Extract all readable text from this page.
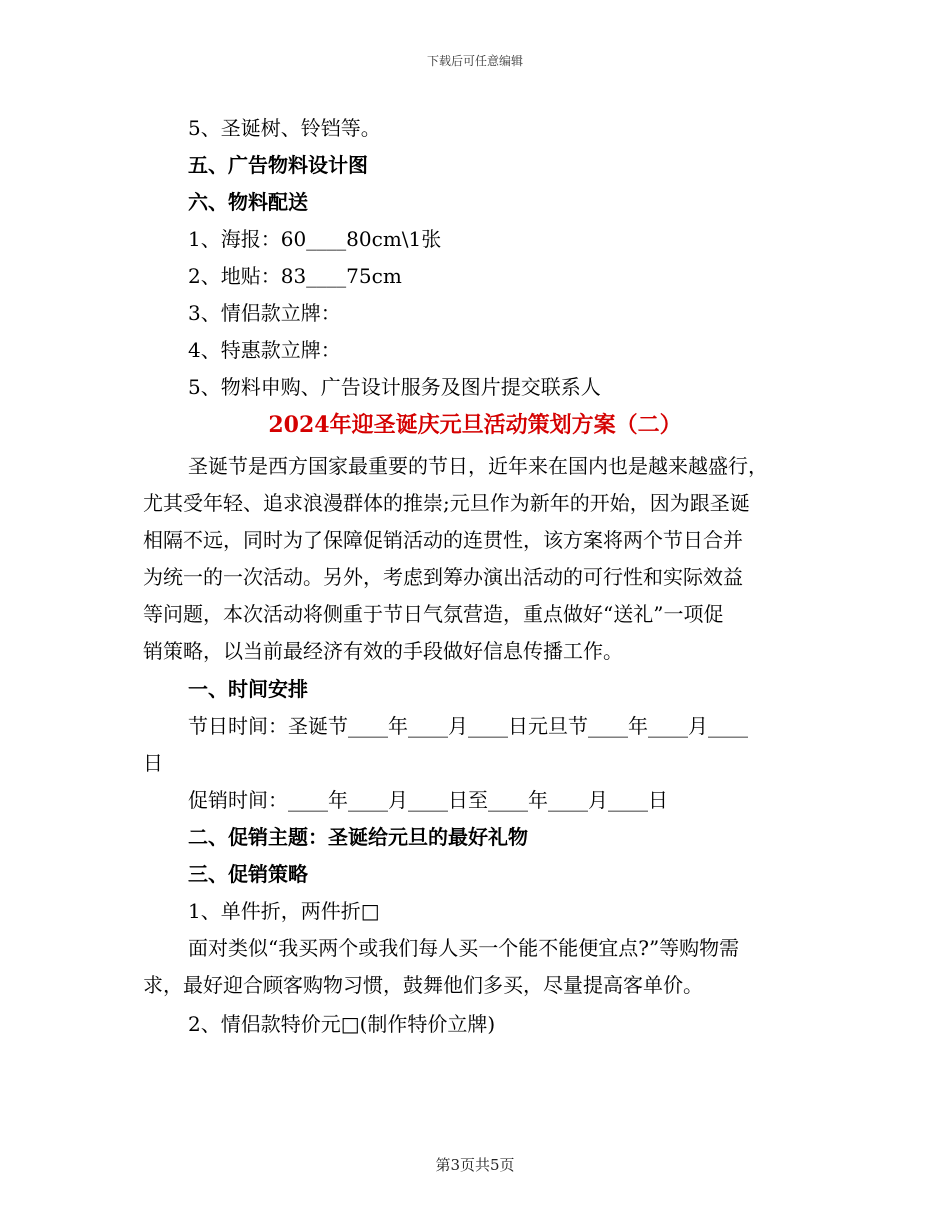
下载后可任意编辑
5、圣诞树、铃铛等。
五、广告物料设计图
六、物料配送
1、海报：60____80cm\1张
2、地贴：83____75cm
3、情侣款立牌：
4、特惠款立牌：
5、物料申购、广告设计服务及图片提交联系人
2024年迎圣诞庆元旦活动策划方案（二）
圣诞节是西方国家最重要的节日，近年来在国内也是越来越盛行，
尤其受年轻、追求浪漫群体的推崇;元旦作为新年的开始，因为跟圣诞
相隔不远，同时为了保障促销活动的连贯性，该方案将两个节日合并
为统一的一次活动。另外，考虑到筹办演出活动的可行性和实际效益
等问题，本次活动将侧重于节日气氛营造，重点做好“送礼”一项促
销策略，以当前最经济有效的手段做好信息传播工作。
一、时间安排
节日时间：圣诞节____年____月____日元旦节____年____月____
日
促销时间：____年____月____日至____年____月____日
二、促销主题：圣诞给元旦的最好礼物
三、促销策略
1、单件折，两件折□
面对类似“我买两个或我们每人买一个能不能便宜点?”等购物需
求，最好迎合顾客购物习惯，鼓舞他们多买，尽量提高客单价。
2、情侣款特价元□(制作特价立牌)
第3页共5页
